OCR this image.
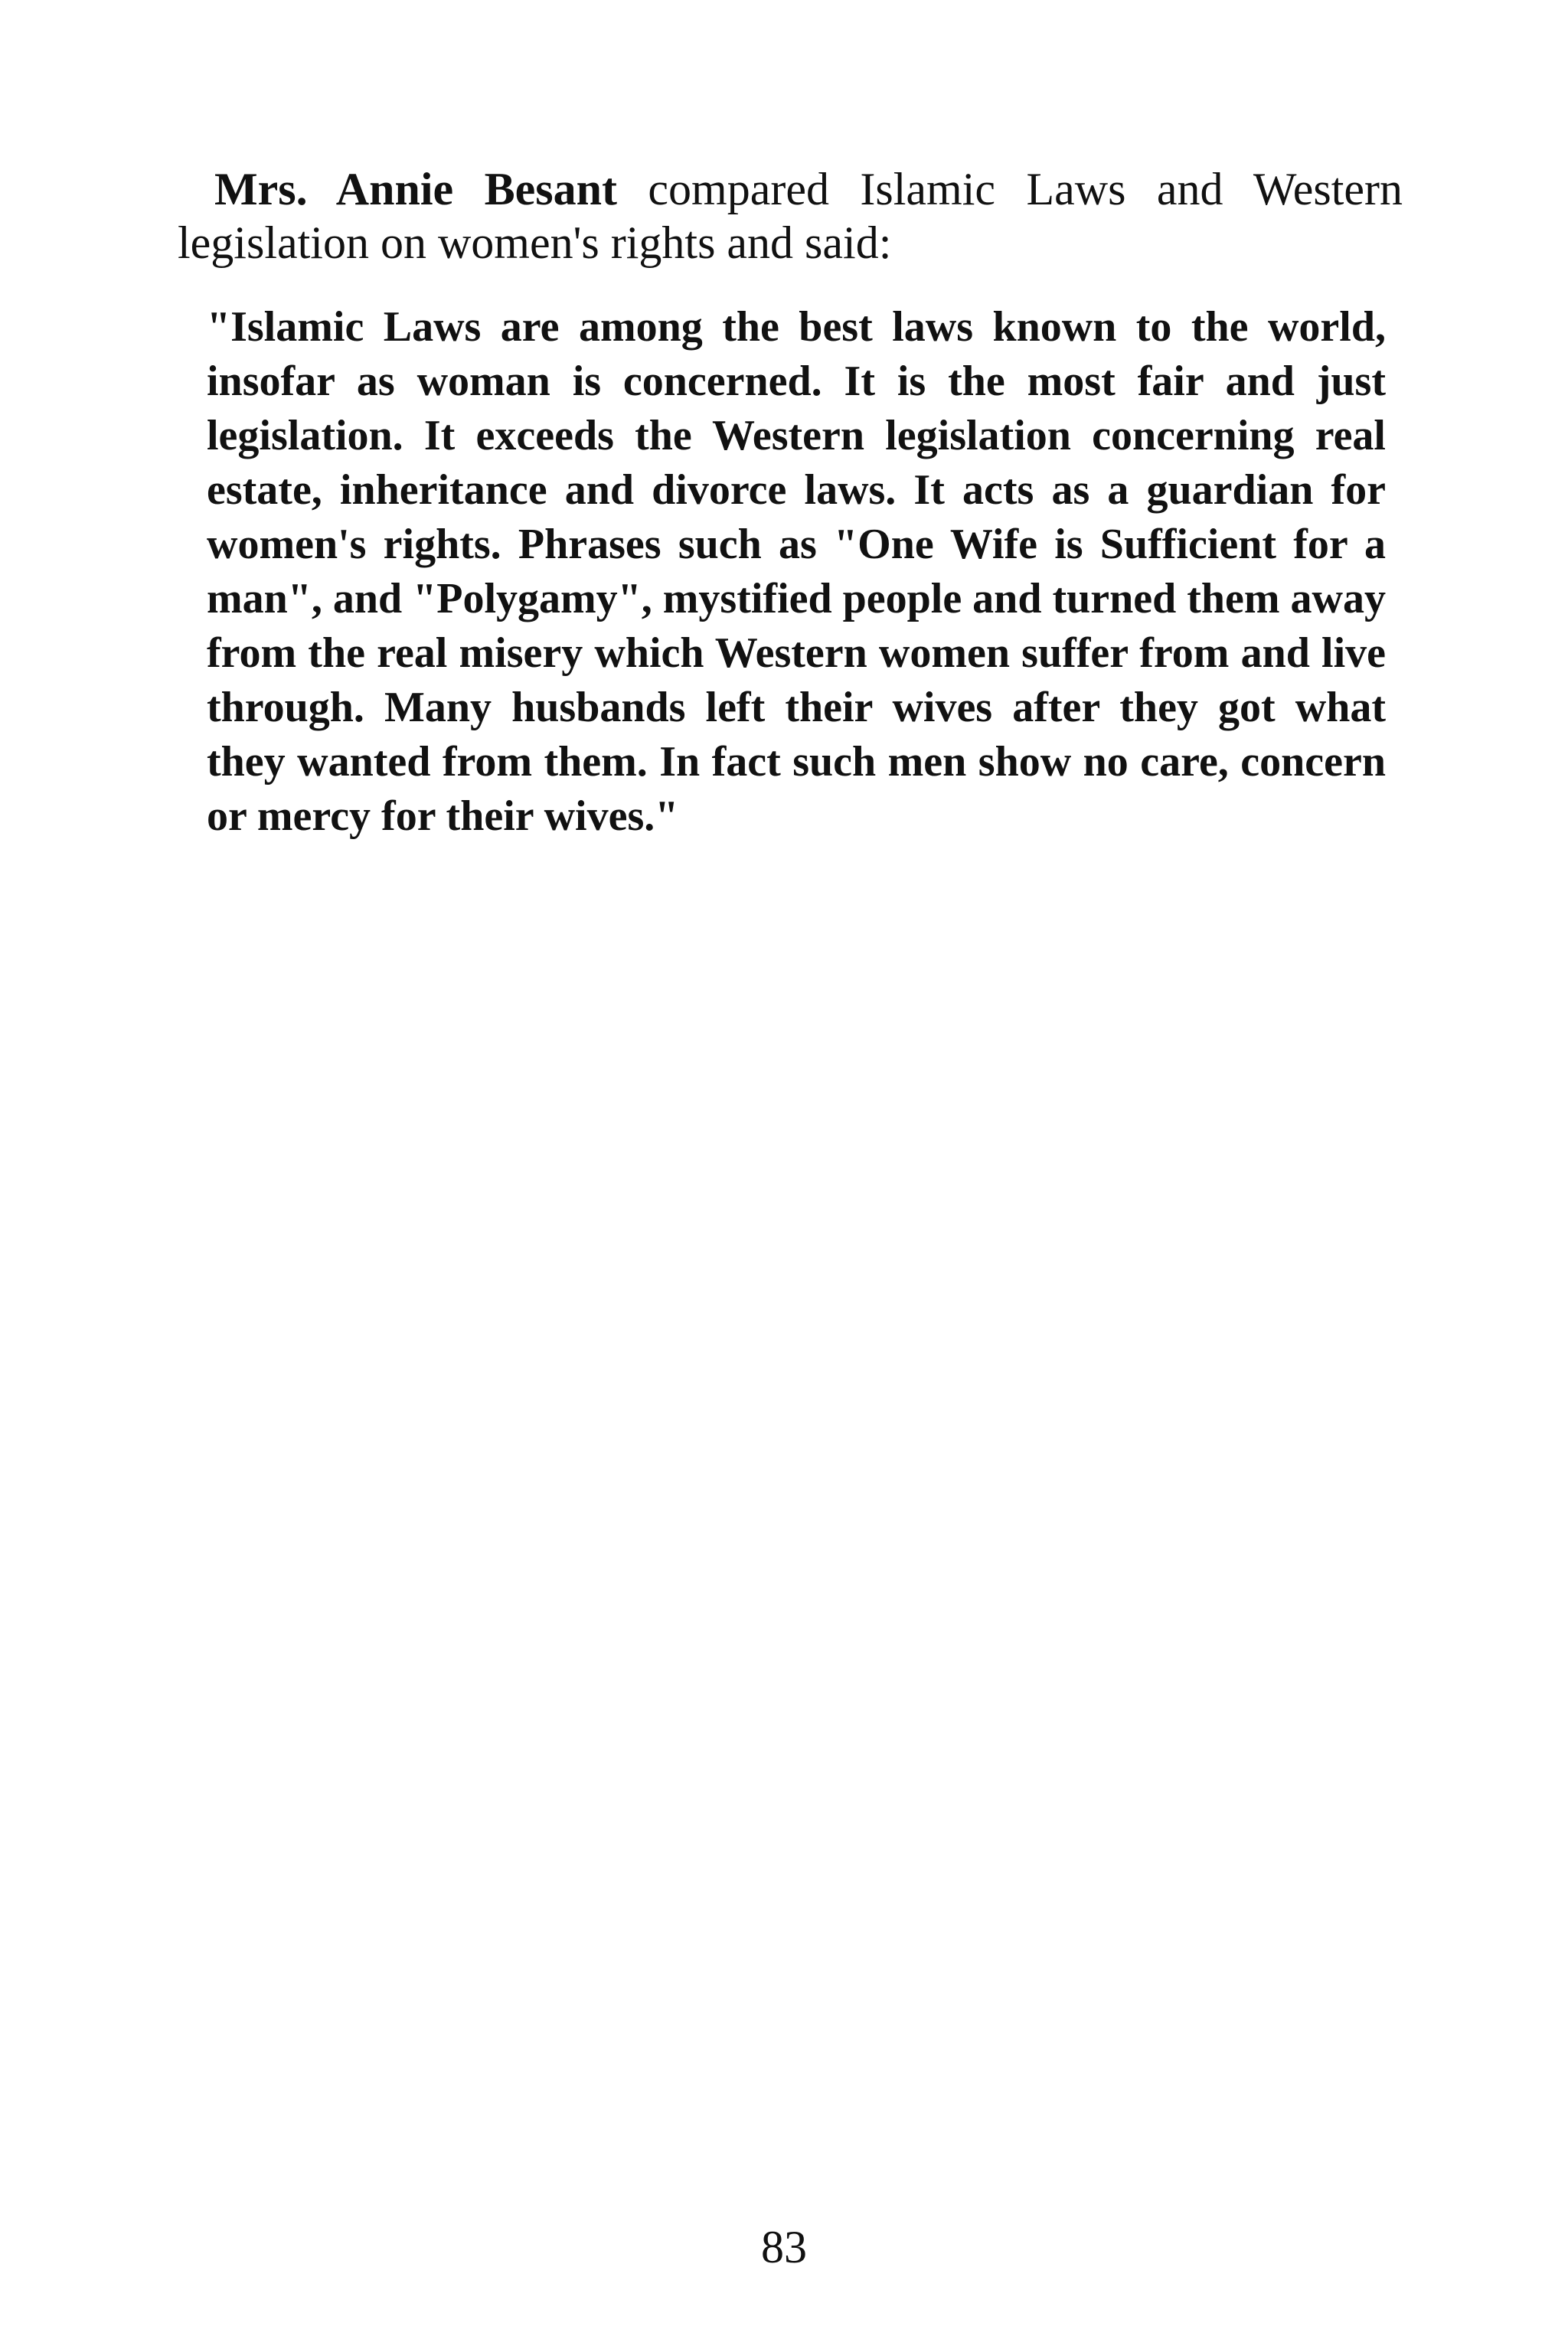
Mrs. Annie Besant compared Islamic Laws and Western legislation on women's rights and said:

"Islamic Laws are among the best laws known to the world, insofar as woman is concerned. It is the most fair and just legislation. It exceeds the Western legislation concerning real estate, inheritance and divorce laws. It acts as a guardian for women's rights. Phrases such as "One Wife is Sufficient for a man", and "Polygamy", mystified people and turned them away from the real misery which Western women suffer from and live through. Many husbands left their wives after they got what they wanted from them. In fact such men show no care, concern or mercy for their wives."

83
